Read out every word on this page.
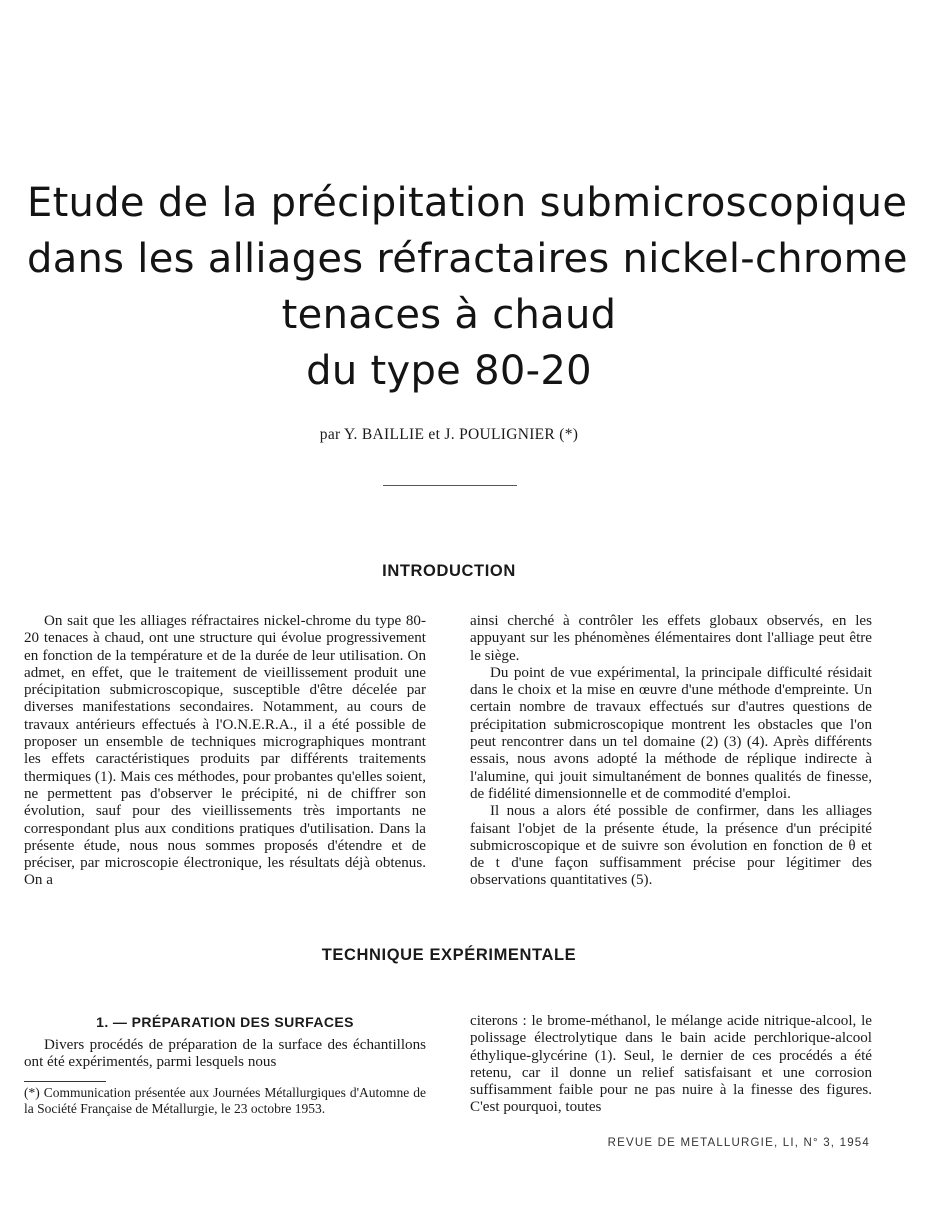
Etude de la précipitation submicroscopique
dans les alliages réfractaires nickel-chrome
tenaces à chaud
du type 80-20
par Y. BAILLIE et J. POULIGNIER (*)
INTRODUCTION

On sait que les alliages réfractaires nickel-chrome du type 80-20 tenaces à chaud, ont une structure qui évolue progressivement en fonction de la température et de la durée de leur utilisation. On admet, en effet, que le traitement de vieillissement produit une précipitation submicroscopique, susceptible d'être décelée par diverses manifestations secondaires. Notamment, au cours de travaux antérieurs effectués à l'O.N.E.R.A., il a été possible de proposer un ensemble de techniques micrographiques montrant les effets caractéristiques produits par différents traitements thermiques (1). Mais ces méthodes, pour probantes qu'elles soient, ne permettent pas d'observer le précipité, ni de chiffrer son évolution, sauf pour des vieillissements très importants ne correspondant plus aux conditions pratiques d'utilisation. Dans la présente étude, nous nous sommes proposés d'étendre et de préciser, par microscopie électronique, les résultats déjà obtenus. On a

ainsi cherché à contrôler les effets globaux observés, en les appuyant sur les phénomènes élémentaires dont l'alliage peut être le siège.

Du point de vue expérimental, la principale difficulté résidait dans le choix et la mise en œuvre d'une méthode d'empreinte. Un certain nombre de travaux effectués sur d'autres questions de précipitation submicroscopique montrent les obstacles que l'on peut rencontrer dans un tel domaine (2) (3) (4). Après différents essais, nous avons adopté la méthode de réplique indirecte à l'alumine, qui jouit simultanément de bonnes qualités de finesse, de fidélité dimensionnelle et de commodité d'emploi.

Il nous a alors été possible de confirmer, dans les alliages faisant l'objet de la présente étude, la présence d'un précipité submicroscopique et de suivre son évolution en fonction de θ et de t d'une façon suffisamment précise pour légitimer des observations quantitatives (5).

TECHNIQUE EXPÉRIMENTALE
1. — PRÉPARATION DES SURFACES

Divers procédés de préparation de la surface des échantillons ont été expérimentés, parmi lesquels nous

(*) Communication présentée aux Journées Métallurgiques d'Automne de la Société Française de Métallurgie, le 23 octobre 1953.

citerons : le brome-méthanol, le mélange acide nitrique-alcool, le polissage électrolytique dans le bain acide perchlorique-alcool éthylique-glycérine (1). Seul, le dernier de ces procédés a été retenu, car il donne un relief satisfaisant et une corrosion suffisamment faible pour ne pas nuire à la finesse des figures. C'est pourquoi, toutes

REVUE DE METALLURGIE, LI, N° 3, 1954
